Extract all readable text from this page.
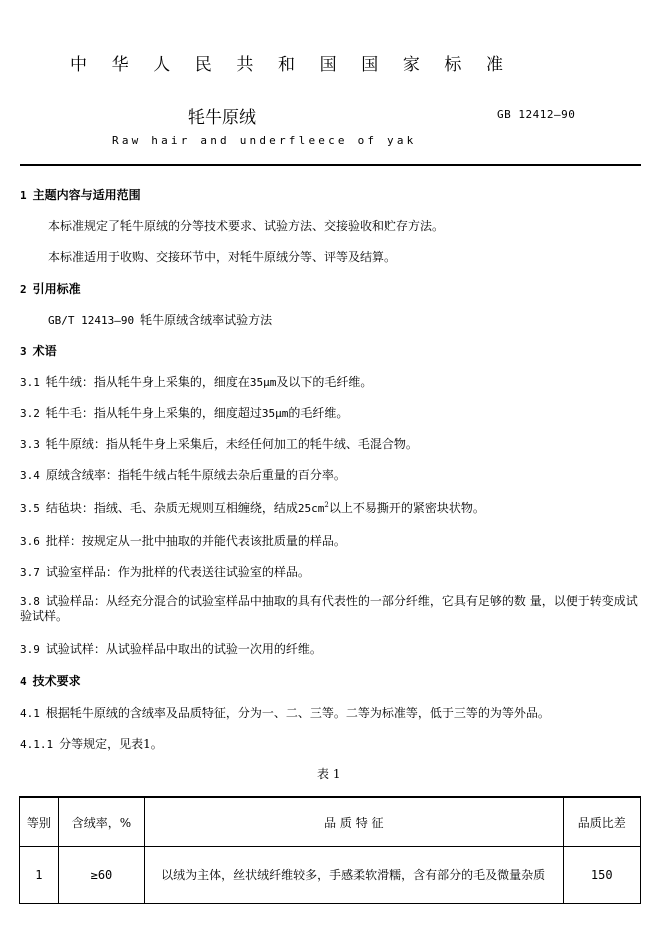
中 华 人 民 共 和 国 国 家 标 准
牦牛原绒	GB 12412—90
Raw hair and underfleece of yak
1 主题内容与适用范围
本标准规定了牦牛原绒的分等技术要求、试验方法、交接验收和贮存方法。
本标准适用于收购、交接环节中，对牦牛原绒分等、评等及结算。
2 引用标准
GB/T 12413—90 牦牛原绒含绒率试验方法
3 术语
3.1 牦牛绒：指从牦牛身上采集的，细度在35μm及以下的毛纤维。
3.2 牦牛毛：指从牦牛身上采集的，细度超过35μm的毛纤维。
3.3 牦牛原绒：指从牦牛身上采集后，未经任何加工的牦牛绒、毛混合物。
3.4 原绒含绒率：指牦牛绒占牦牛原绒去杂后重量的百分率。
3.5 结毡块：指绒、毛、杂质无规则互相缠绕，结成$25cm^2$以上不易撕开的紧密块状物。
3.6 批样：按规定从一批中抽取的并能代表该批质量的样品。
3.7 试验室样品：作为批样的代表送往试验室的样品。
3.8 试验样品：从经充分混合的试验室样品中抽取的具有代表性的一部分纤维，它具有足够的数 量，以便于转变成试验试样。
3.9 试验试样：从试验样品中取出的试验一次用的纤维。
4 技术要求
4.1 根据牦牛原绒的含绒率及品质特征，分为一、二、三等。二等为标准等，低于三等的为等外品。
4.1.1 分等规定，见表1。
表 1
等别	含绒率，%	品 质 特 征	品质比差
1	≥60	以绒为主体，丝状绒纤维较多，手感柔软滑糯，含有部分的毛及微量杂质	150
